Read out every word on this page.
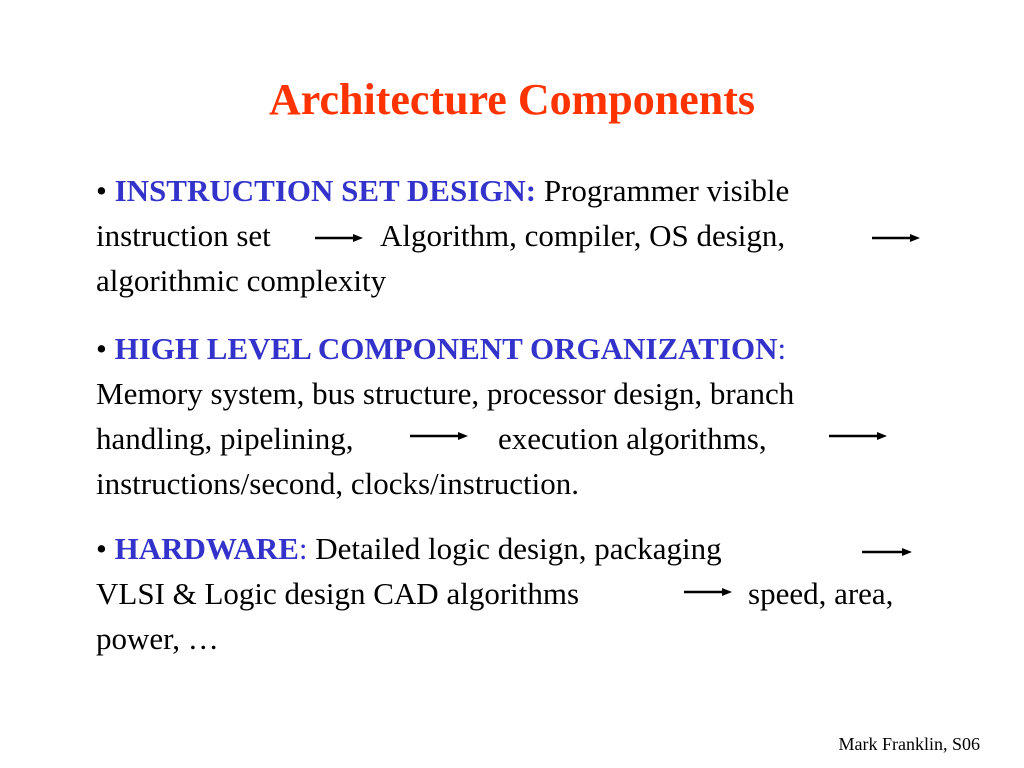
Architecture Components
• INSTRUCTION SET DESIGN: Programmer visible
instruction set	Algorithm, compiler, OS design,
algorithmic complexity
• HIGH LEVEL COMPONENT ORGANIZATION:
Memory system, bus structure, processor design, branch
handling, pipelining,	execution algorithms,
instructions/second, clocks/instruction.
• HARDWARE: Detailed logic design, packaging
VLSI & Logic design CAD algorithms	speed, area,
power, …
Mark Franklin, S06
